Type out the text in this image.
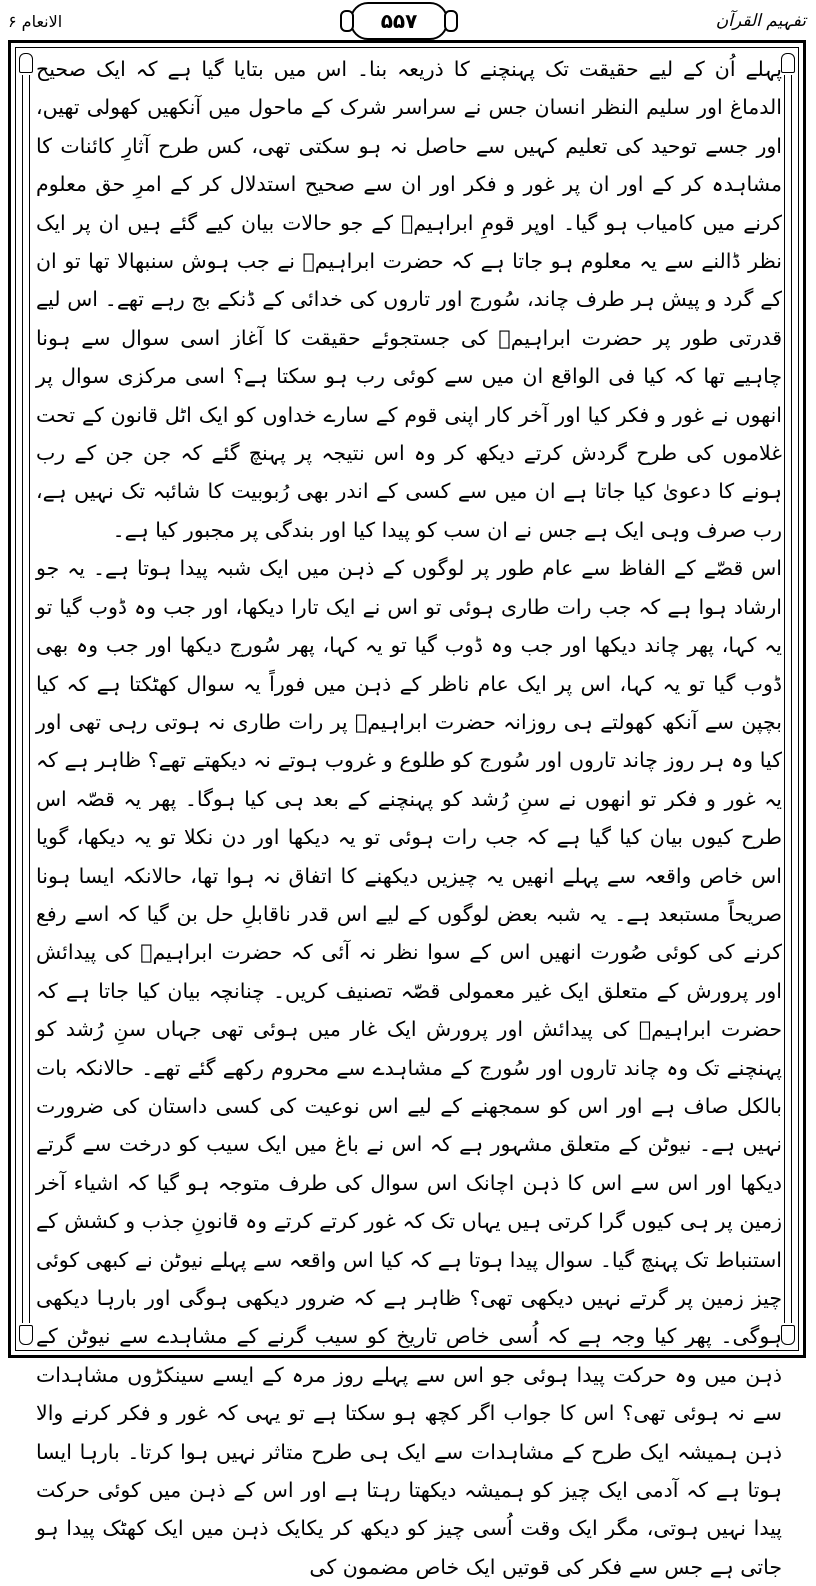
تفہیم القرآن
۵۵۷
الانعام ۶

پہلے اُن کے لیے حقیقت تک پہنچنے کا ذریعہ بنا۔ اس میں بتایا گیا ہے کہ ایک صحیح الدماغ اور سلیم النظر انسان جس نے سراسر شرک کے ماحول میں آنکھیں کھولی تھیں، اور جسے توحید کی تعلیم کہیں سے حاصل نہ ہو سکتی تھی، کس طرح آثارِ کائنات کا مشاہدہ کر کے اور ان پر غور و فکر اور ان سے صحیح استدلال کر کے امرِ حق معلوم کرنے میں کامیاب ہو گیا۔ اوپر قومِ ابراہیمؑ کے جو حالات بیان کیے گئے ہیں ان پر ایک نظر ڈالنے سے یہ معلوم ہو جاتا ہے کہ حضرت ابراہیمؑ نے جب ہوش سنبھالا تھا تو ان کے گرد و پیش ہر طرف چاند، سُورج اور تاروں کی خدائی کے ڈنکے بج رہے تھے۔ اس لیے قدرتی طور پر حضرت ابراہیمؑ کی جستجوئے حقیقت کا آغاز اسی سوال سے ہونا چاہیے تھا کہ کیا فی الواقع ان میں سے کوئی رب ہو سکتا ہے؟ اسی مرکزی سوال پر انھوں نے غور و فکر کیا اور آخر کار اپنی قوم کے سارے خداوں کو ایک اٹل قانون کے تحت غلاموں کی طرح گردش کرتے دیکھ کر وہ اس نتیجہ پر پہنچ گئے کہ جن جن کے رب ہونے کا دعویٰ کیا جاتا ہے ان میں سے کسی کے اندر بھی رُبوبیت کا شائبہ تک نہیں ہے، رب صرف وہی ایک ہے جس نے ان سب کو پیدا کیا اور بندگی پر مجبور کیا ہے۔

اس قصّے کے الفاظ سے عام طور پر لوگوں کے ذہن میں ایک شبہ پیدا ہوتا ہے۔ یہ جو ارشاد ہوا ہے کہ جب رات طاری ہوئی تو اس نے ایک تارا دیکھا، اور جب وہ ڈوب گیا تو یہ کہا، پھر چاند دیکھا اور جب وہ ڈوب گیا تو یہ کہا، پھر سُورج دیکھا اور جب وہ بھی ڈوب گیا تو یہ کہا، اس پر ایک عام ناظر کے ذہن میں فوراً یہ سوال کھٹکتا ہے کہ کیا بچپن سے آنکھ کھولتے ہی روزانہ حضرت ابراہیمؑ پر رات طاری نہ ہوتی رہی تھی اور کیا وہ ہر روز چاند تاروں اور سُورج کو طلوع و غروب ہوتے نہ دیکھتے تھے؟ ظاہر ہے کہ یہ غور و فکر تو انھوں نے سنِ رُشد کو پہنچنے کے بعد ہی کیا ہوگا۔ پھر یہ قصّہ اس طرح کیوں بیان کیا گیا ہے کہ جب رات ہوئی تو یہ دیکھا اور دن نکلا تو یہ دیکھا، گویا اس خاص واقعہ سے پہلے انھیں یہ چیزیں دیکھنے کا اتفاق نہ ہوا تھا، حالانکہ ایسا ہونا صریحاً مستبعد ہے۔ یہ شبہ بعض لوگوں کے لیے اس قدر ناقابلِ حل بن گیا کہ اسے رفع کرنے کی کوئی صُورت انھیں اس کے سوا نظر نہ آئی کہ حضرت ابراہیمؑ کی پیدائش اور پرورش کے متعلق ایک غیر معمولی قصّہ تصنیف کریں۔ چنانچہ بیان کیا جاتا ہے کہ حضرت ابراہیمؑ کی پیدائش اور پرورش ایک غار میں ہوئی تھی جہاں سنِ رُشد کو پہنچنے تک وہ چاند تاروں اور سُورج کے مشاہدے سے محروم رکھے گئے تھے۔ حالانکہ بات بالکل صاف ہے اور اس کو سمجھنے کے لیے اس نوعیت کی کسی داستان کی ضرورت نہیں ہے۔ نیوٹن کے متعلق مشہور ہے کہ اس نے باغ میں ایک سیب کو درخت سے گرتے دیکھا اور اس سے اس کا ذہن اچانک اس سوال کی طرف متوجہ ہو گیا کہ اشیاء آخر زمین پر ہی کیوں گرا کرتی ہیں یہاں تک کہ غور کرتے کرتے وہ قانونِ جذب و کشش کے استنباط تک پہنچ گیا۔ سوال پیدا ہوتا ہے کہ کیا اس واقعہ سے پہلے نیوٹن نے کبھی کوئی چیز زمین پر گرتے نہیں دیکھی تھی؟ ظاہر ہے کہ ضرور دیکھی ہوگی اور بارہا دیکھی ہوگی۔ پھر کیا وجہ ہے کہ اُسی خاص تاریخ کو سیب گرنے کے مشاہدے سے نیوٹن کے ذہن میں وہ حرکت پیدا ہوئی جو اس سے پہلے روز مرہ کے ایسے سینکڑوں مشاہدات سے نہ ہوئی تھی؟ اس کا جواب اگر کچھ ہو سکتا ہے تو یہی کہ غور و فکر کرنے والا ذہن ہمیشہ ایک طرح کے مشاہدات سے ایک ہی طرح متاثر نہیں ہوا کرتا۔ بارہا ایسا ہوتا ہے کہ آدمی ایک چیز کو ہمیشہ دیکھتا رہتا ہے اور اس کے ذہن میں کوئی حرکت پیدا نہیں ہوتی، مگر ایک وقت اُسی چیز کو دیکھ کر یکایک ذہن میں ایک کھٹک پیدا ہو جاتی ہے جس سے فکر کی قوتیں ایک خاص مضمون کی
